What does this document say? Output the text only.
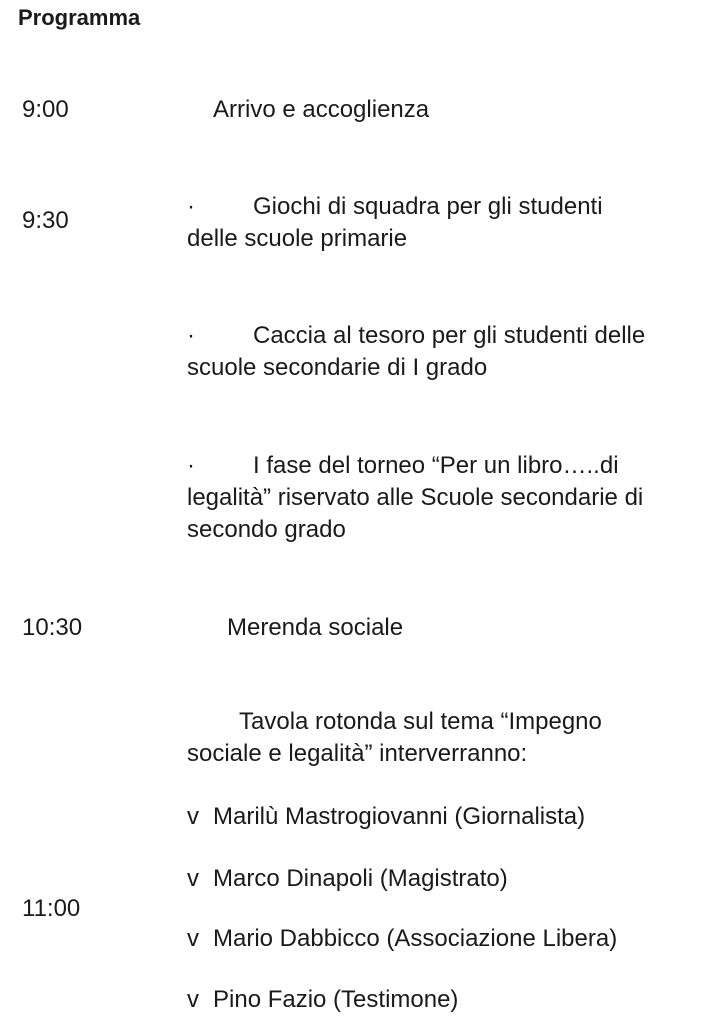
Programma
9:00	Arrivo e accoglienza
9:30
· Giochi di squadra per gli studenti
delle scuole primarie
· Caccia al tesoro per gli studenti delle
scuole secondarie di I grado
· I fase del torneo “Per un libro…..di
legalità” riservato alle Scuole secondarie di
secondo grado
10:30	Merenda sociale
11:00
Tavola rotonda sul tema “Impegno
sociale e legalità” interverranno:
v Marilù Mastrogiovanni (Giornalista)
v Marco Dinapoli (Magistrato)
v Mario Dabbicco (Associazione Libera)
v Pino Fazio (Testimone)
